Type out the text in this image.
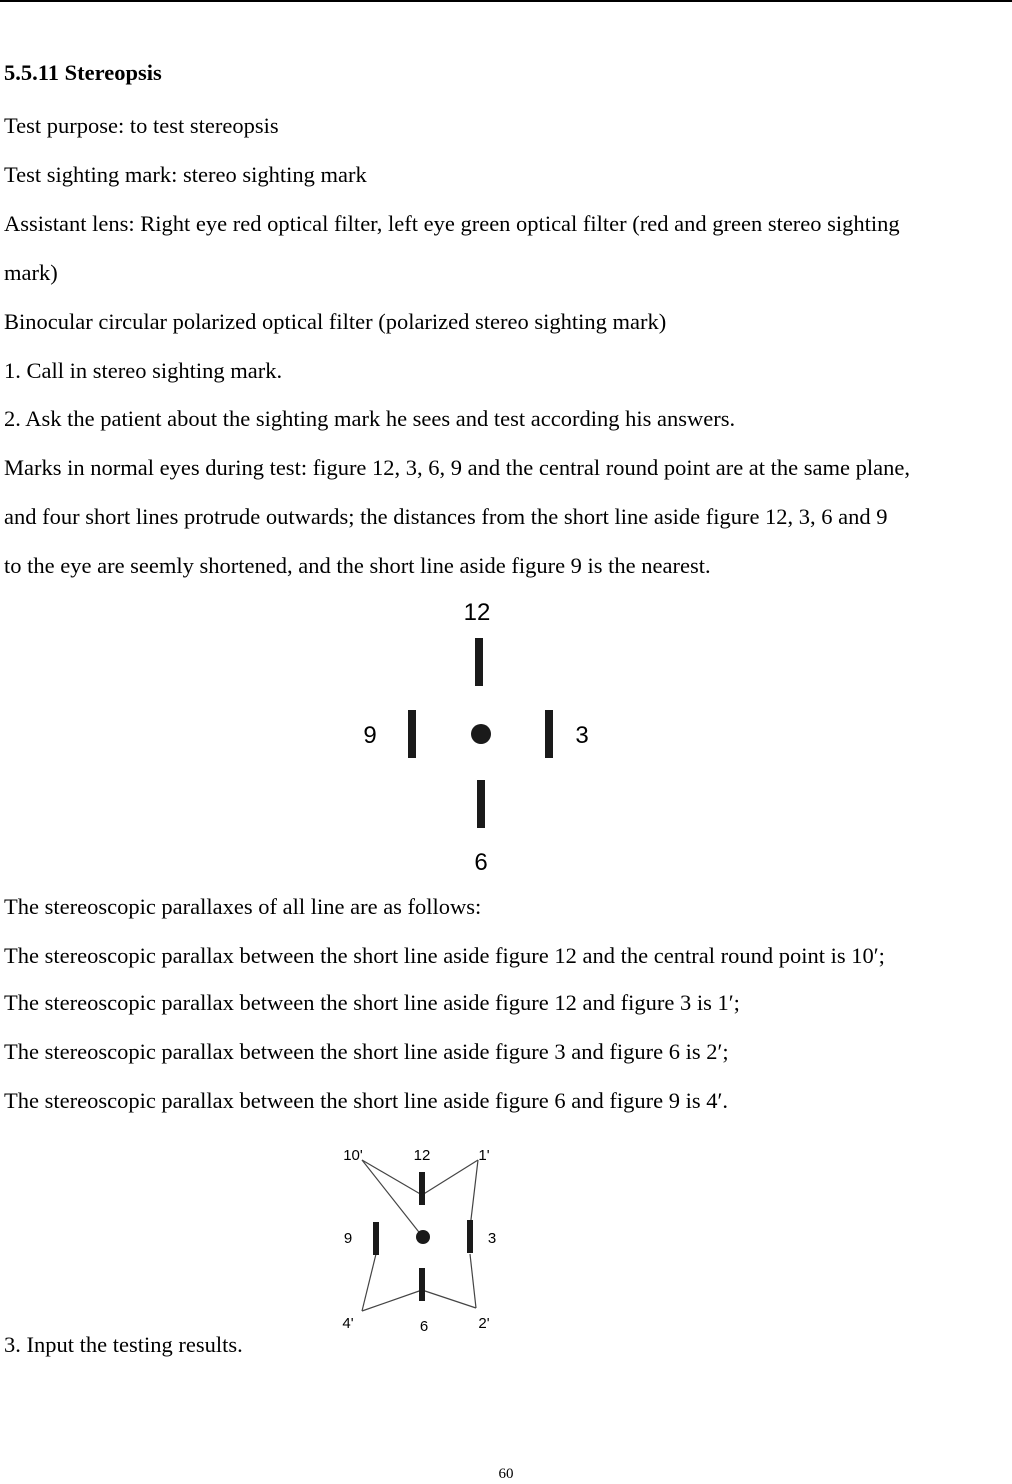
5.5.11 Stereopsis
Test purpose: to test stereopsis
Test sighting mark: stereo sighting mark
Assistant lens: Right eye red optical filter, left eye green optical filter (red and green stereo sighting
mark)
Binocular circular polarized optical filter (polarized stereo sighting mark)
1. Call in stereo sighting mark.
2. Ask the patient about the sighting mark he sees and test according his answers.
Marks in normal eyes during test: figure 12, 3, 6, 9 and the central round point are at the same plane,
and four short lines protrude outwards; the distances from the short line aside figure 12, 3, 6 and 9
to the eye are seemly shortened, and the short line aside figure 9 is the nearest.
12
9	3
6
The stereoscopic parallaxes of all line are as follows:
The stereoscopic parallax between the short line aside figure 12 and the central round point is 10′;
The stereoscopic parallax between the short line aside figure 12 and figure 3 is 1′;
The stereoscopic parallax between the short line aside figure 3 and figure 6 is 2′;
The stereoscopic parallax between the short line aside figure 6 and figure 9 is 4′.
10'	12	1'
9	3
4'	6	2'
3. Input the testing results.
60
